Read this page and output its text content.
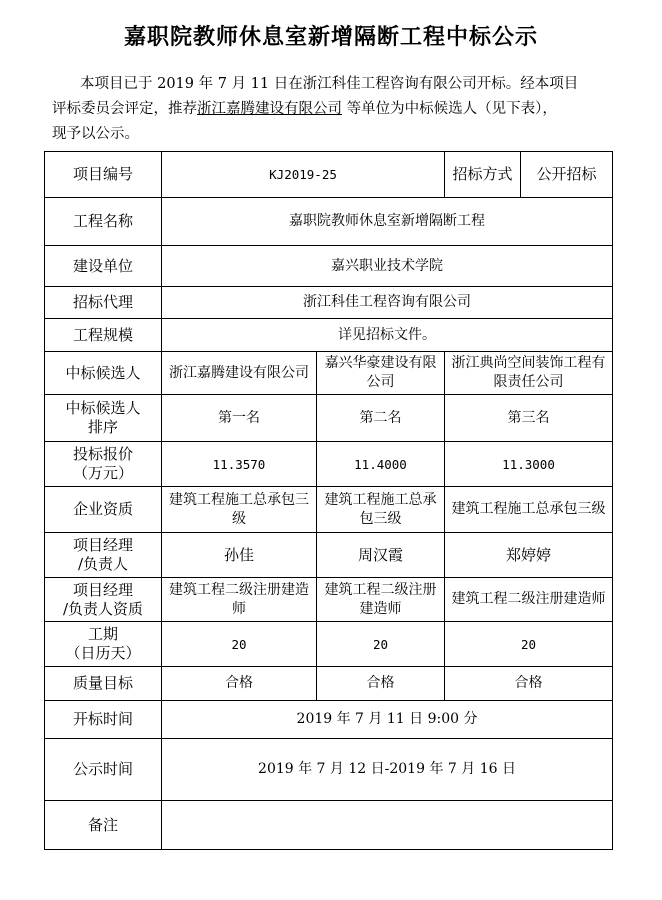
嘉职院教师休息室新增隔断工程中标公示
本项目已于 2019 年 7 月 11 日在浙江科佳工程咨询有限公司开标。经本项目
评标委员会评定，推荐浙江嘉腾建设有限公司 等单位为中标候选人（见下表），
现予以公示。
项目编号	KJ2019-25		招标方式	公开招标
工程名称	嘉职院教师休息室新增隔断工程			
建设单位	嘉兴职业技术学院			
招标代理	浙江科佳工程咨询有限公司			
工程规模	详见招标文件。			
中标候选人	浙江嘉腾建设有限公司	嘉兴华豪建设有限公司	浙江典尚空间装饰工程有限责任公司	

中标候选人
排序	第一名	第二名	第三名	

投标报价
（万元）	11.3570	11.4000	11.3000	
企业资质	建筑工程施工总承包三级	建筑工程施工总承包三级	建筑工程施工总承包三级	

项目经理
/负责人	孙佳	周汉霞	郑婷婷	

项目经理
/负责人资质	建筑工程二级注册建造师	建筑工程二级注册建造师	建筑工程二级注册建造师	

工期
（日历天）	20	20	20	
质量目标	合格	合格	合格	
开标时间	2019 年 7 月 11 日 9:00 分			
公示时间	2019 年 7 月 12 日-2019 年 7 月 16 日			
备注				
